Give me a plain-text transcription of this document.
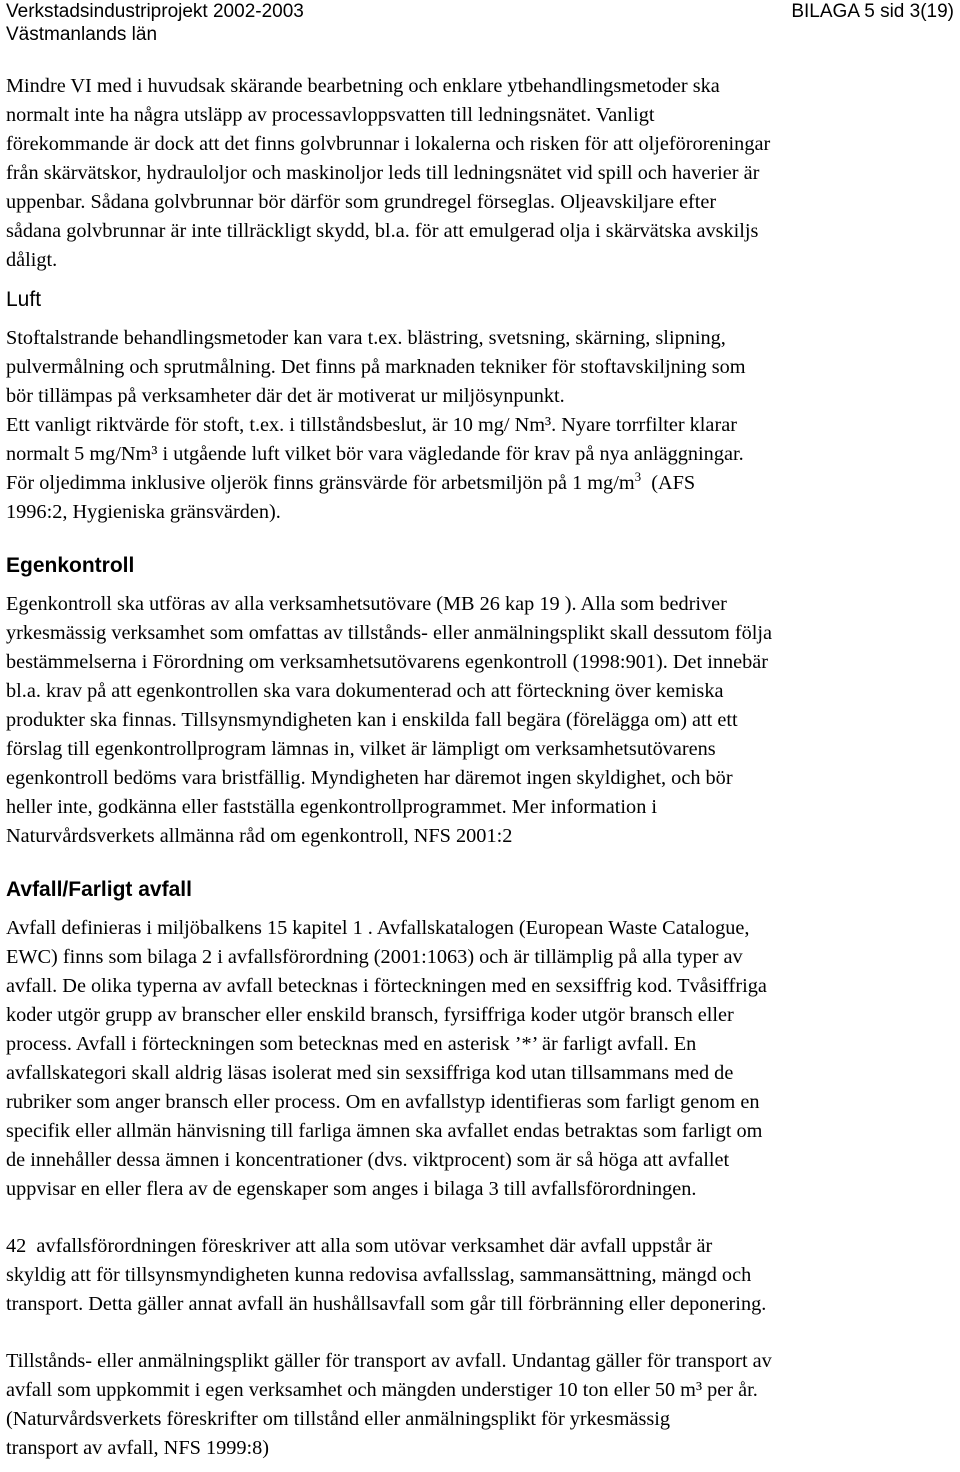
Verkstadsindustriprojekt 2002-2003
Västmanlands län
BILAGA 5 sid 3(19)

Mindre VI med i huvudsak skärande bearbetning och enklare ytbehandlingsmetoder ska
normalt inte ha några utsläpp av processavloppsvatten till ledningsnätet. Vanligt
förekommande är dock att det finns golvbrunnar i lokalerna och risken för att oljeföroreningar
från skärvätskor, hydrauloljor och maskinoljor leds till ledningsnätet vid spill och haverier är
uppenbar. Sådana golvbrunnar bör därför som grundregel förseglas. Oljeavskiljare efter
sådana golvbrunnar är inte tillräckligt skydd, bl.a. för att emulgerad olja i skärvätska avskiljs
dåligt.

Luft

Stoftalstrande behandlingsmetoder kan vara t.ex. blästring, svetsning, skärning, slipning,
pulvermålning och sprutmålning. Det finns på marknaden tekniker för stoftavskiljning som
bör tillämpas på verksamheter där det är motiverat ur miljösynpunkt.
Ett vanligt riktvärde för stoft, t.ex. i tillståndsbeslut, är 10 mg/ Nm³. Nyare torrfilter klarar
normalt 5 mg/Nm³ i utgående luft vilket bör vara vägledande för krav på nya anläggningar.
För oljedimma inklusive oljerök finns gränsvärde för arbetsmiljön på 1 $mg/m^3$  (AFS
1996:2, Hygieniska gränsvärden).

Egenkontroll

Egenkontroll ska utföras av alla verksamhetsutövare (MB 26 kap 19 ). Alla som bedriver
yrkesmässig verksamhet som omfattas av tillstånds- eller anmälningsplikt skall dessutom följa
bestämmelserna i Förordning om verksamhetsutövarens egenkontroll (1998:901). Det innebär
bl.a. krav på att egenkontrollen ska vara dokumenterad och att förteckning över kemiska
produkter ska finnas. Tillsynsmyndigheten kan i enskilda fall begära (förelägga om) att ett
förslag till egenkontrollprogram lämnas in, vilket är lämpligt om verksamhetsutövarens
egenkontroll bedöms vara bristfällig. Myndigheten har däremot ingen skyldighet, och bör
heller inte, godkänna eller fastställa egenkontrollprogrammet. Mer information i
Naturvårdsverkets allmänna råd om egenkontroll, NFS 2001:2

Avfall/Farligt avfall

Avfall definieras i miljöbalkens 15 kapitel 1 . Avfallskatalogen (European Waste Catalogue,
EWC) finns som bilaga 2 i avfallsförordning (2001:1063) och är tillämplig på alla typer av
avfall. De olika typerna av avfall betecknas i förteckningen med en sexsiffrig kod. Tvåsiffriga
koder utgör grupp av branscher eller enskild bransch, fyrsiffriga koder utgör bransch eller
process. Avfall i förteckningen som betecknas med en asterisk ’*’ är farligt avfall. En
avfallskategori skall aldrig läsas isolerat med sin sexsiffriga kod utan tillsammans med de
rubriker som anger bransch eller process. Om en avfallstyp identifieras som farligt genom en
specifik eller allmän hänvisning till farliga ämnen ska avfallet endas betraktas som farligt om
de innehåller dessa ämnen i koncentrationer (dvs. viktprocent) som är så höga att avfallet
uppvisar en eller flera av de egenskaper som anges i bilaga 3 till avfallsförordningen.

42  avfallsförordningen föreskriver att alla som utövar verksamhet där avfall uppstår är
skyldig att för tillsynsmyndigheten kunna redovisa avfallsslag, sammansättning, mängd och
transport. Detta gäller annat avfall än hushållsavfall som går till förbränning eller deponering.

Tillstånds- eller anmälningsplikt gäller för transport av avfall. Undantag gäller för transport av
avfall som uppkommit i egen verksamhet och mängden understiger 10 ton eller 50 m³ per år.
(Naturvårdsverkets föreskrifter om tillstånd eller anmälningsplikt för yrkesmässig
transport av avfall, NFS 1999:8)
